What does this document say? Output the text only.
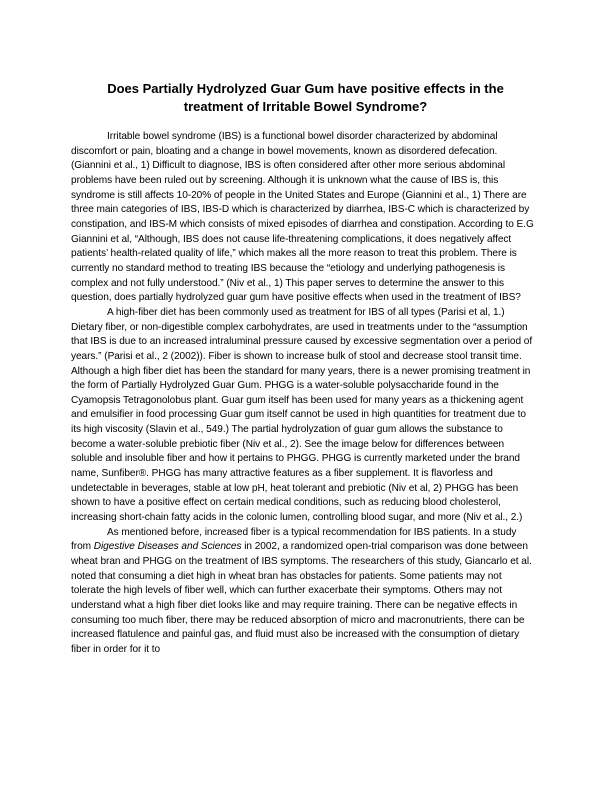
Does Partially Hydrolyzed Guar Gum have positive effects in the
treatment of Irritable Bowel Syndrome?

Irritable bowel syndrome (IBS) is a functional bowel disorder characterized by abdominal discomfort or pain, bloating and a change in bowel movements, known as disordered defecation. (Giannini et al., 1) Difficult to diagnose, IBS is often considered after other more serious abdominal problems have been ruled out by screening. Although it is unknown what the cause of IBS is, this syndrome is still affects 10-20% of people in the United States and Europe (Giannini et al., 1) There are three main categories of IBS, IBS-D which is characterized by diarrhea, IBS-C which is characterized by constipation, and IBS-M which consists of mixed episodes of diarrhea and constipation. According to E.G Giannini et al, “Although, IBS does not cause life-threatening complications, it does negatively affect patients’ health-related quality of life,” which makes all the more reason to treat this problem. There is currently no standard method to treating IBS because the “etiology and underlying pathogenesis is complex and not fully understood.” (Niv et al., 1) This paper serves to determine the answer to this question, does partially hydrolyzed guar gum have positive effects when used in the treatment of IBS?

A high-fiber diet has been commonly used as treatment for IBS of all types (Parisi et al, 1.) Dietary fiber, or non-digestible complex carbohydrates, are used in treatments under to the “assumption that IBS is due to an increased intraluminal pressure caused by excessive segmentation over a period of years.” (Parisi et al., 2 (2002)). Fiber is shown to increase bulk of stool and decrease stool transit time. Although a high fiber diet has been the standard for many years, there is a newer promising treatment in the form of Partially Hydrolyzed Guar Gum. PHGG is a water-soluble polysaccharide found in the Cyamopsis Tetragonolobus plant. Guar gum itself has been used for many years as a thickening agent and emulsifier in food processing Guar gum itself cannot be used in high quantities for treatment due to its high viscosity (Slavin et al., 549.) The partial hydrolyzation of guar gum allows the substance to become a water-soluble prebiotic fiber (Niv et al., 2). See the image below for differences between soluble and insoluble fiber and how it pertains to PHGG. PHGG is currently marketed under the brand name, Sunfiber®. PHGG has many attractive features as a fiber supplement. It is flavorless and undetectable in beverages, stable at low pH, heat tolerant and prebiotic (Niv et al, 2) PHGG has been shown to have a positive effect on certain medical conditions, such as reducing blood cholesterol, increasing short-chain fatty acids in the colonic lumen, controlling blood sugar, and more (Niv et al., 2.)

As mentioned before, increased fiber is a typical recommendation for IBS patients. In a study from Digestive Diseases and Sciences in 2002, a randomized open-trial comparison was done between wheat bran and PHGG on the treatment of IBS symptoms. The researchers of this study, Giancarlo et al. noted that consuming a diet high in wheat bran has obstacles for patients. Some patients may not tolerate the high levels of fiber well, which can further exacerbate their symptoms. Others may not understand what a high fiber diet looks like and may require training. There can be negative effects in consuming too much fiber, there may be reduced absorption of micro and macronutrients, there can be increased flatulence and painful gas, and fluid must also be increased with the consumption of dietary fiber in order for it to
